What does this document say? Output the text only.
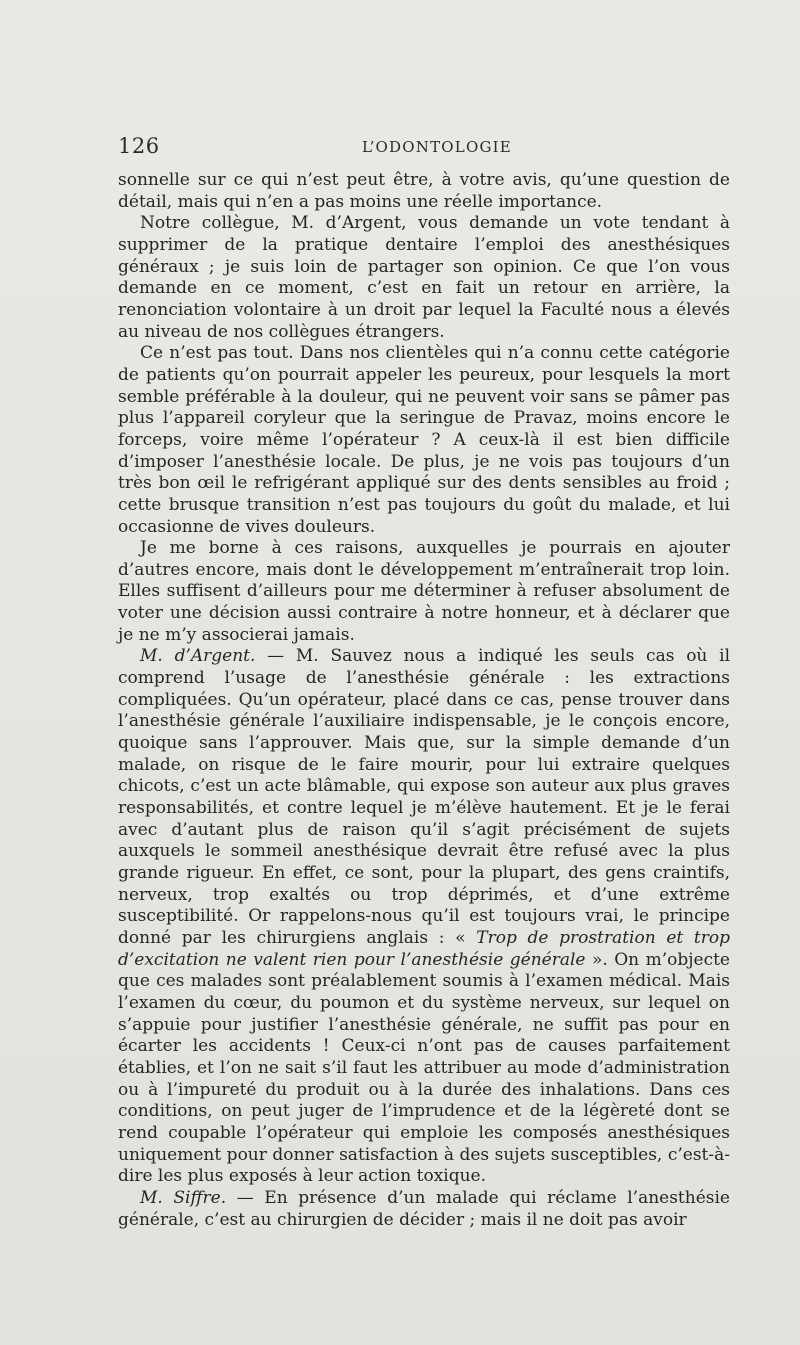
126	L’ODONTOLOGIE

sonnelle sur ce qui n’est peut être, à votre avis, qu’une question de détail, mais qui n’en a pas moins une réelle importance.

Notre collègue, M. d’Argent, vous demande un vote tendant à supprimer de la pratique dentaire l’emploi des anesthésiques généraux ; je suis loin de partager son opinion. Ce que l’on vous demande en ce moment, c’est en fait un retour en arrière, la renonciation volontaire à un droit par lequel la Faculté nous a élevés au niveau de nos collègues étrangers.

Ce n’est pas tout. Dans nos clientèles qui n’a connu cette catégorie de patients qu’on pourrait appeler les peureux, pour lesquels la mort semble préférable à la douleur, qui ne peuvent voir sans se pâmer pas plus l’appareil coryleur que la seringue de Pravaz, moins encore le forceps, voire même l’opérateur ? A ceux-là il est bien difficile d’imposer l’anesthésie locale. De plus, je ne vois pas toujours d’un très bon œil le refrigérant appliqué sur des dents sensibles au froid ; cette brusque transition n’est pas toujours du goût du malade, et lui occasionne de vives douleurs.

Je me borne à ces raisons, auxquelles je pourrais en ajouter d’autres encore, mais dont le développement m’entraînerait trop loin. Elles suffisent d’ailleurs pour me déterminer à refuser absolument de voter une décision aussi contraire à notre honneur, et à déclarer que je ne m’y associerai jamais.

M. d’Argent. — M. Sauvez nous a indiqué les seuls cas où il comprend l’usage de l’anesthésie générale : les extractions compliquées. Qu’un opérateur, placé dans ce cas, pense trouver dans l’anesthésie générale l’auxiliaire indispensable, je le conçois encore, quoique sans l’approuver. Mais que, sur la simple demande d’un malade, on risque de le faire mourir, pour lui extraire quelques chicots, c’est un acte blâmable, qui expose son auteur aux plus graves responsabilités, et contre lequel je m’élève hautement. Et je le ferai avec d’autant plus de raison qu’il s’agit précisément de sujets auxquels le sommeil anesthésique devrait être refusé avec la plus grande rigueur. En effet, ce sont, pour la plupart, des gens craintifs, nerveux, trop exaltés ou trop déprimés, et d’une extrême susceptibilité. Or rappelons-nous qu’il est toujours vrai, le principe donné par les chirurgiens anglais : « Trop de prostration et trop d’excitation ne valent rien pour l’anesthésie générale ». On m’objecte que ces malades sont préalablement soumis à l’examen médical. Mais l’examen du cœur, du poumon et du système nerveux, sur lequel on s’appuie pour justifier l’anesthésie générale, ne suffit pas pour en écarter les accidents ! Ceux-ci n’ont pas de causes parfaitement établies, et l’on ne sait s’il faut les attribuer au mode d’administration ou à l’impureté du produit ou à la durée des inhalations. Dans ces conditions, on peut juger de l’imprudence et de la légèreté dont se rend coupable l’opérateur qui emploie les composés anesthésiques uniquement pour donner satisfaction à des sujets susceptibles, c’est-à-dire les plus exposés à leur action toxique.

M. Siffre. — En présence d’un malade qui réclame l’anesthésie générale, c’est au chirurgien de décider ; mais il ne doit pas avoir
